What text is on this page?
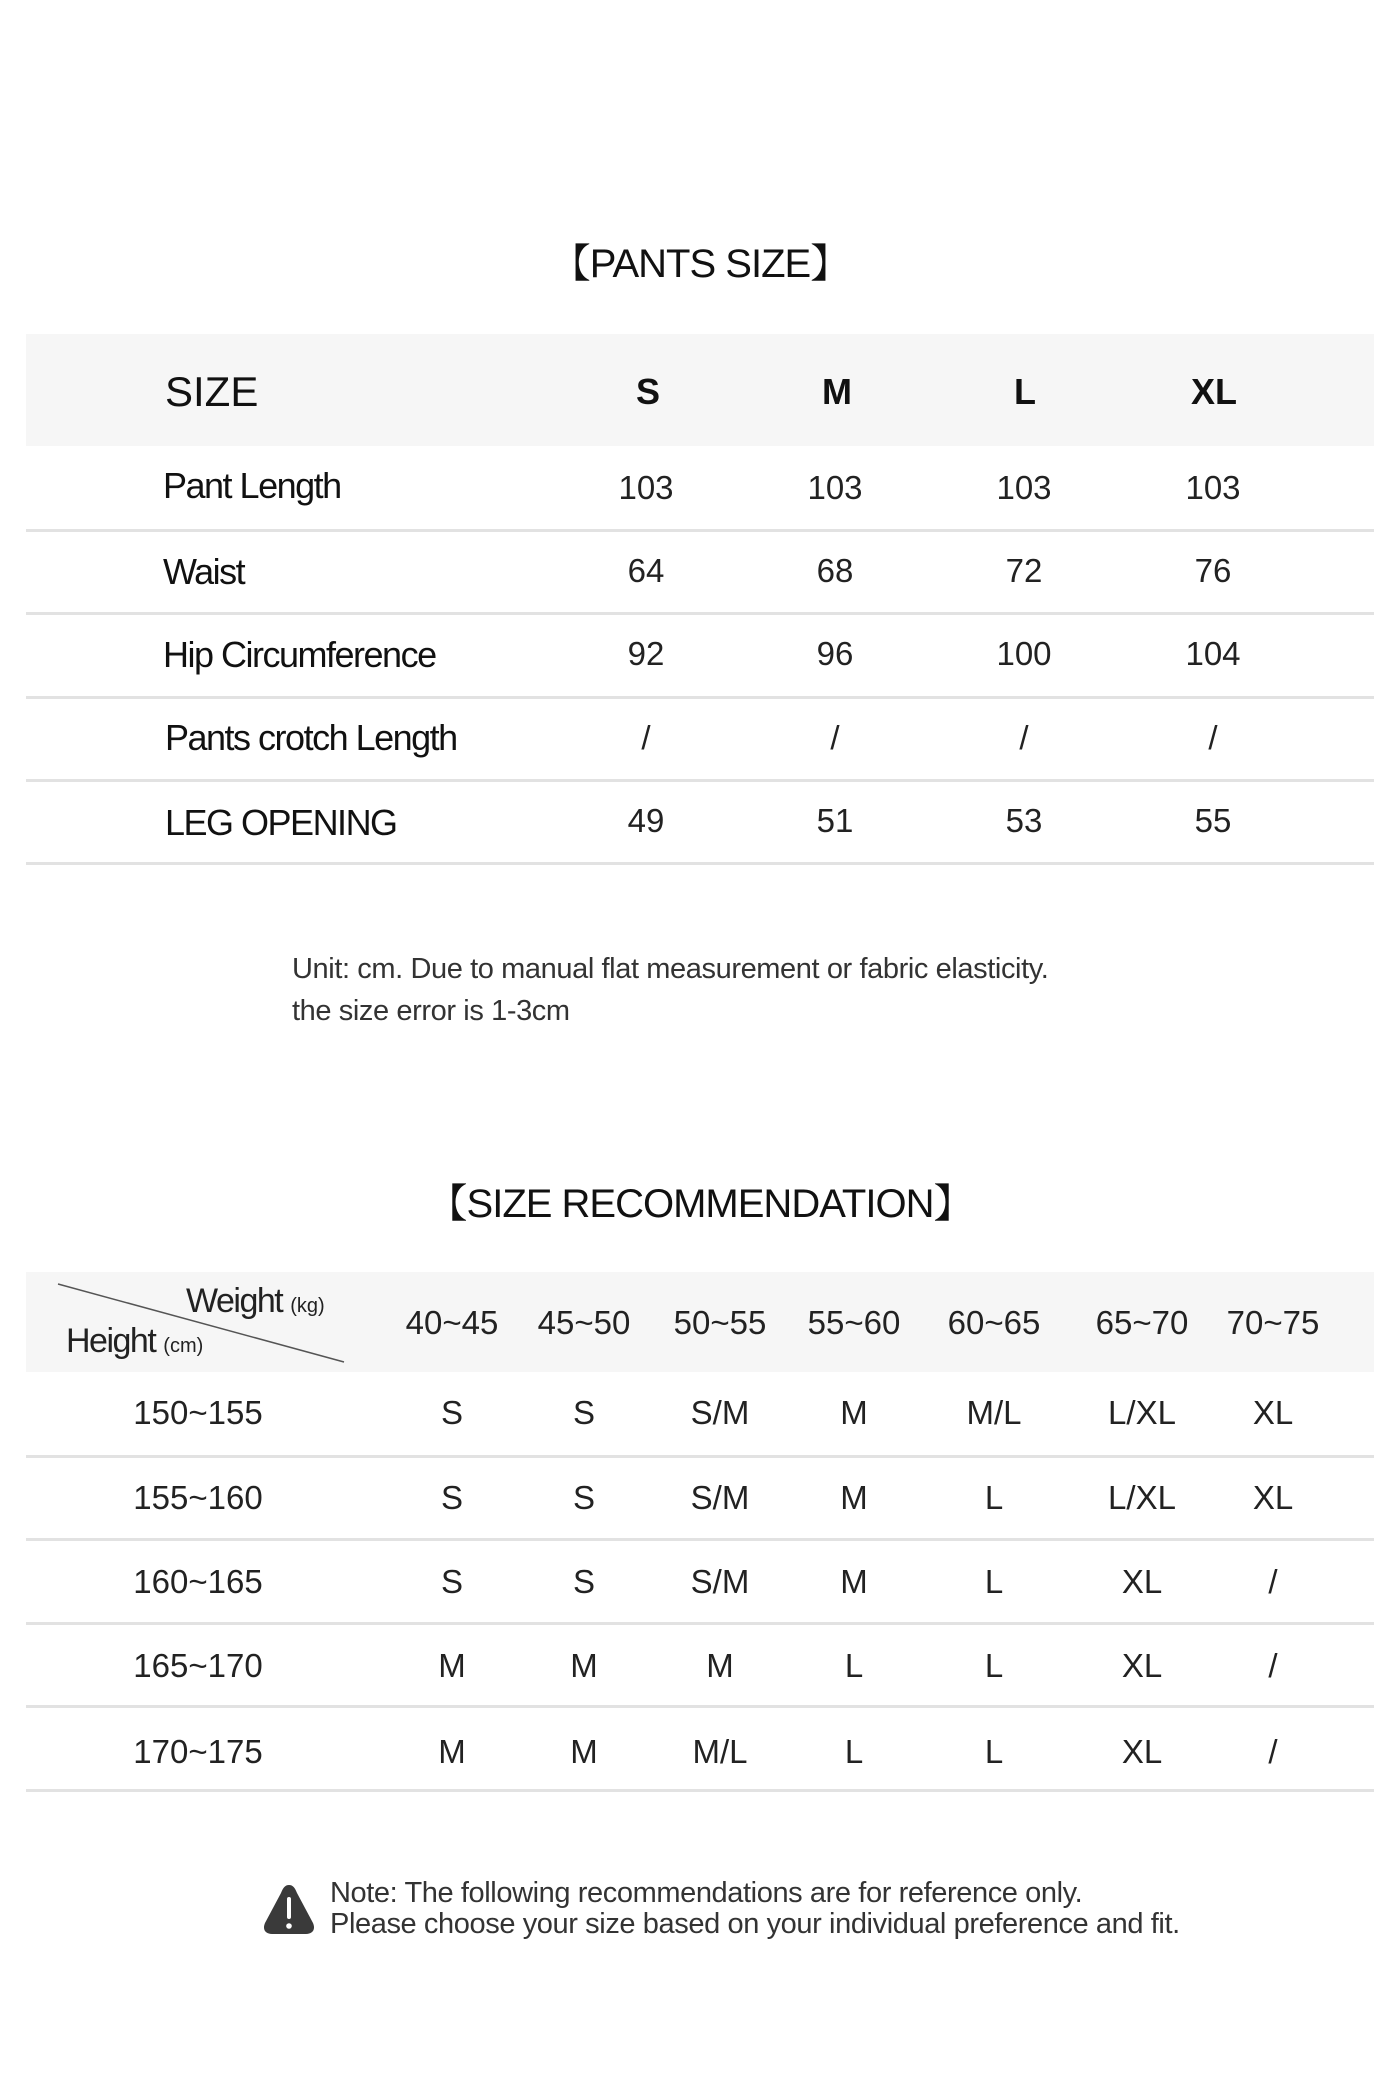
【PANTS SIZE】
SIZE	S	M	L	XL
Pant Length	103	103	103	103
Waist	64	68	72	76
Hip Circumference	92	96	100	104
Pants crotch Length	/	/	/	/
LEG OPENING	49	51	53	55
Unit: cm. Due to manual flat measurement or fabric elasticity.
the size error is 1-3cm
【SIZE RECOMMENDATION】
Weight (kg)
Height (cm)
40~45 45~50 50~55 55~60 60~65 65~70 70~75
150~155	S	S	S/M	M	M/L	L/XL XL
155~160	S	S	S/M	M	L	L/XL XL
160~165	S	S	S/M	M	L	XL	/
165~170	M	M	M	L	L	XL	/
170~175	M	M	M/L	L	L	XL	/
Note: The following recommendations are for reference only.
Please choose your size based on your individual preference and fit.
